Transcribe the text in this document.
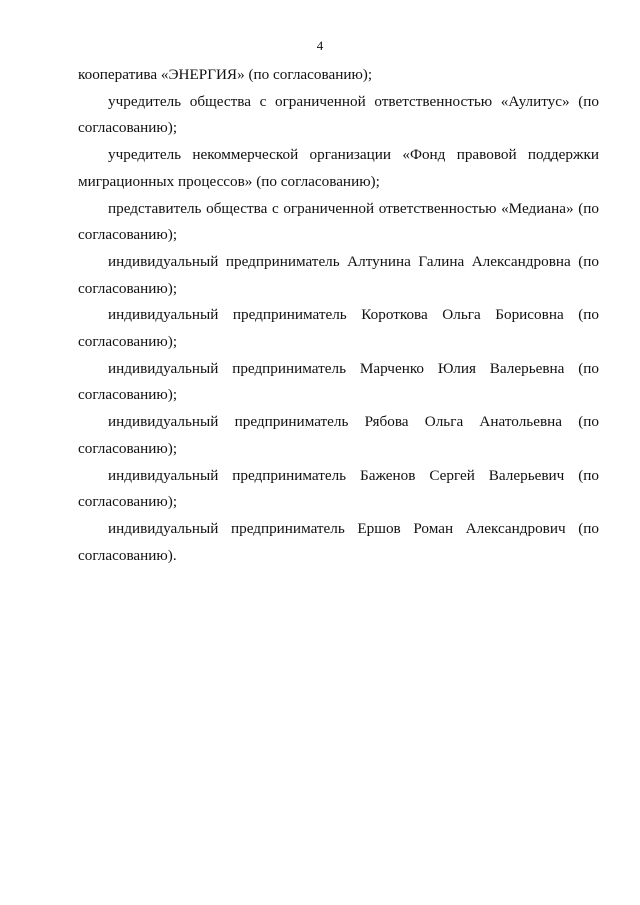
4

кооператива «ЭНЕРГИЯ» (по согласованию);

учредитель общества с ограниченной ответственностью «Аулитус» (по согласованию);

учредитель некоммерческой организации «Фонд правовой поддержки миграционных процессов» (по согласованию);

представитель общества с ограниченной ответственностью «Медиана» (по согласованию);

индивидуальный предприниматель Алтунина Галина Александровна (по согласованию);

индивидуальный предприниматель Короткова Ольга Борисовна (по согласованию);

индивидуальный предприниматель Марченко Юлия Валерьевна (по согласованию);

индивидуальный предприниматель Рябова Ольга Анатольевна (по согласованию);

индивидуальный предприниматель Баженов Сергей Валерьевич (по согласованию);

индивидуальный предприниматель Ершов Роман Александрович (по согласованию).
